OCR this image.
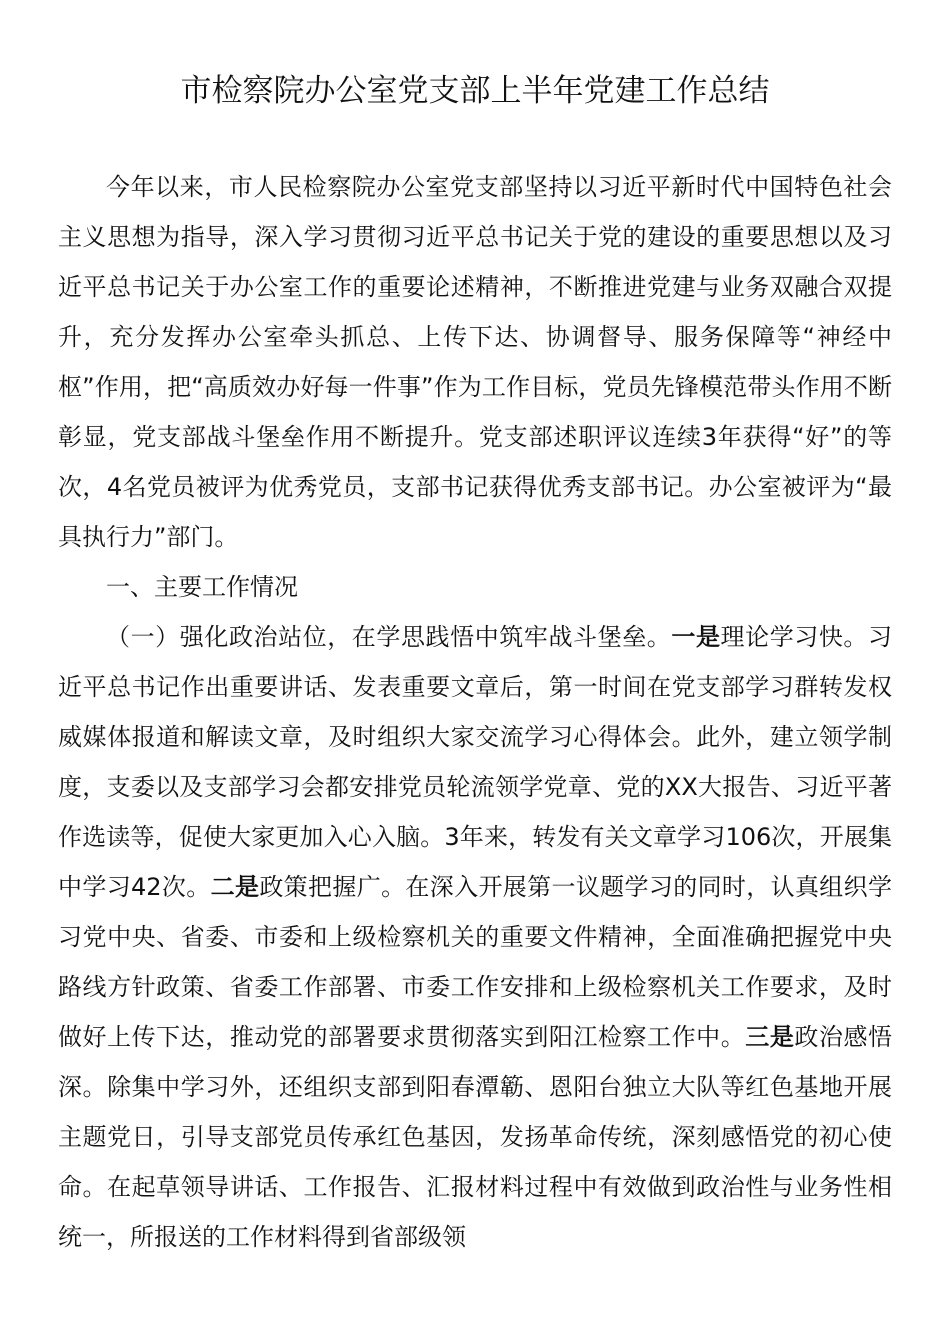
市检察院办公室党支部上半年党建工作总结

今年以来，市人民检察院办公室党支部坚持以习近平新时代中国特色社会主义思想为指导，深入学习贯彻习近平总书记关于党的建设的重要思想以及习近平总书记关于办公室工作的重要论述精神，不断推进党建与业务双融合双提升，充分发挥办公室牵头抓总、上传下达、协调督导、服务保障等“神经中枢”作用，把“高质效办好每一件事”作为工作目标，党员先锋模范带头作用不断彰显，党支部战斗堡垒作用不断提升。党支部述职评议连续3年获得“好”的等次，4名党员被评为优秀党员，支部书记获得优秀支部书记。办公室被评为“最具执行力”部门。

一、主要工作情况

（一）强化政治站位，在学思践悟中筑牢战斗堡垒。一是理论学习快。习近平总书记作出重要讲话、发表重要文章后，第一时间在党支部学习群转发权威媒体报道和解读文章，及时组织大家交流学习心得体会。此外，建立领学制度，支委以及支部学习会都安排党员轮流领学党章、党的XX大报告、习近平著作选读等，促使大家更加入心入脑。3年来，转发有关文章学习106次，开展集中学习42次。二是政策把握广。在深入开展第一议题学习的同时，认真组织学习党中央、省委、市委和上级检察机关的重要文件精神，全面准确把握党中央路线方针政策、省委工作部署、市委工作安排和上级检察机关工作要求，及时做好上传下达，推动党的部署要求贯彻落实到阳江检察工作中。三是政治感悟深。除集中学习外，还组织支部到阳春潭簕、恩阳台独立大队等红色基地开展主题党日，引导支部党员传承红色基因，发扬革命传统，深刻感悟党的初心使命。在起草领导讲话、工作报告、汇报材料过程中有效做到政治性与业务性相统一，所报送的工作材料得到省部级领
